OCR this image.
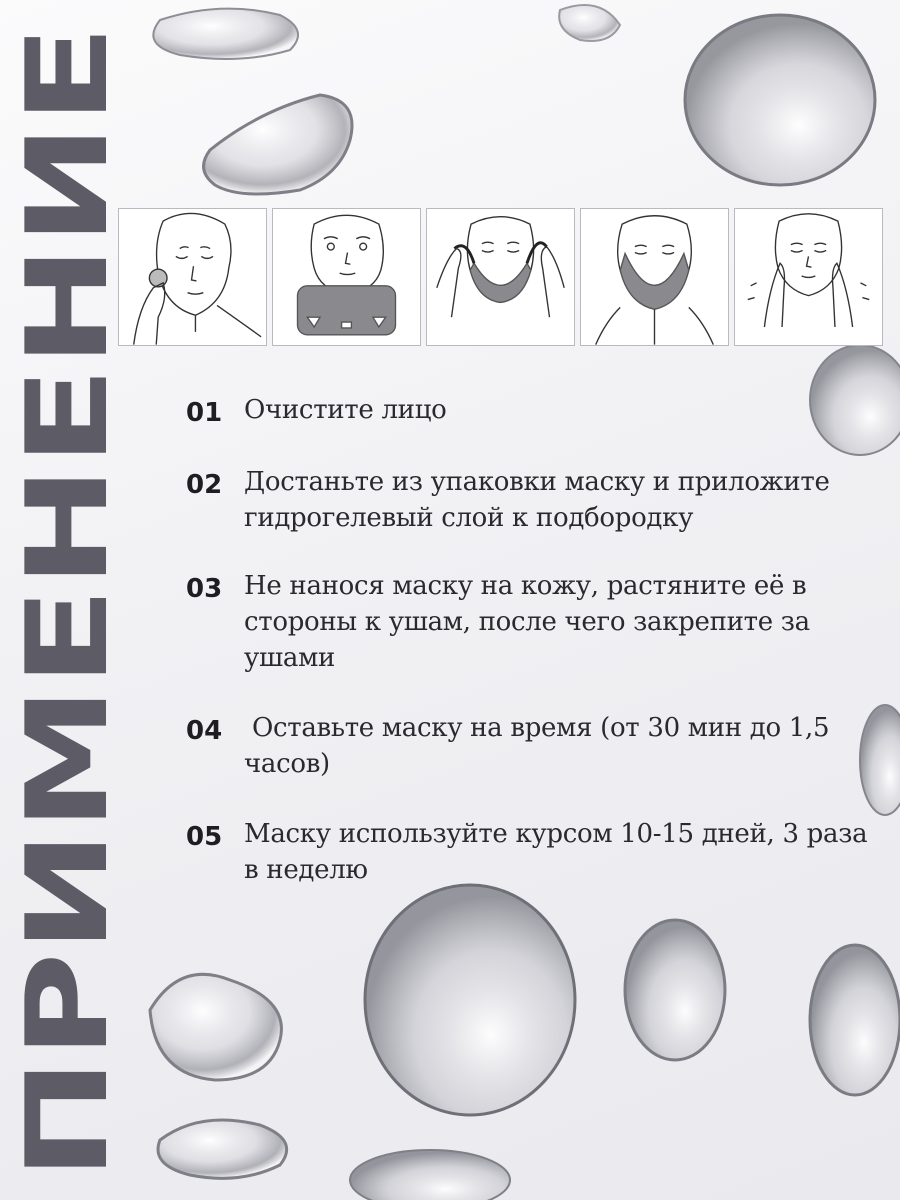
ПРИМЕНЕНИЕ 01 Очистите лицо
02 Достаньте из упаковки маску и приложите гидрогелевый слой к подбородку
03 Не нанося маску на кожу, растяните её в стороны к ушам, после чего закрепите за ушами
04 Оставьте маску на время (от 30 мин до 1,5 часов)
05 Маску используйте курсом 10-15 дней, 3 раза в неделю
